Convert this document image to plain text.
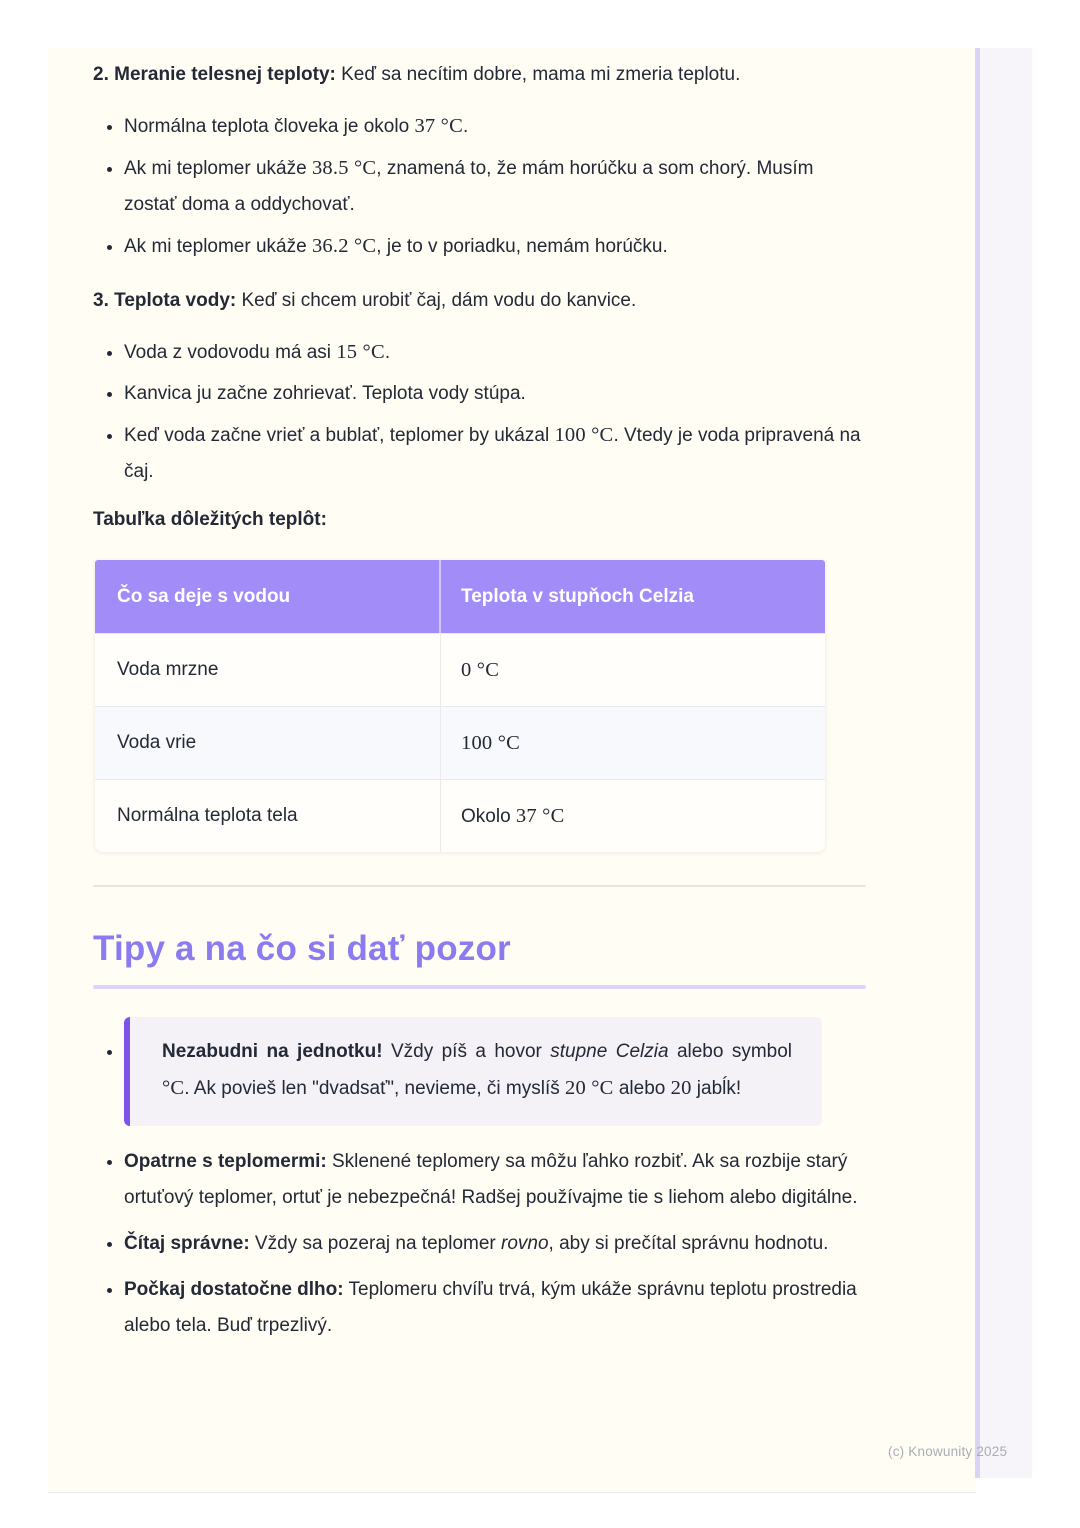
2. Meranie telesnej teploty: Keď sa necítim dobre, mama mi zmeria teplotu.

• Normálna teplota človeka je okolo 37 °C.
• Ak mi teplomer ukáže 38.5 °C, znamená to, že mám horúčku a som chorý. Musím zostať doma a oddychovať.
• Ak mi teplomer ukáže 36.2 °C, je to v poriadku, nemám horúčku.

3. Teplota vody: Keď si chcem urobiť čaj, dám vodu do kanvice.

• Voda z vodovodu má asi 15 °C.
• Kanvica ju začne zohrievať. Teplota vody stúpa.
• Keď voda začne vrieť a bublať, teplomer by ukázal 100 °C. Vtedy je voda pripravená na čaj.

Tabuľka dôležitých teplôt:

Čo sa deje s vodou	Teplota v stupňoch Celzia
Voda mrzne	0 °C
Voda vrie	100 °C
Normálna teplota tela	Okolo 37 °C
Tipy a na čo si dať pozor

• Nezabudni na jednotku! Vždy píš a hovor stupne Celzia alebo symbol °C. Ak povieš len "dvadsať", nevieme, či myslíš 20 °C alebo 20 jabĺk!

• Opatrne s teplomermi: Sklenené teplomery sa môžu ľahko rozbiť. Ak sa rozbije starý ortuťový teplomer, ortuť je nebezpečná! Radšej používajme tie s liehom alebo digitálne.
• Čítaj správne: Vždy sa pozeraj na teplomer rovno, aby si prečítal správnu hodnotu.
• Počkaj dostatočne dlho: Teplomeru chvíľu trvá, kým ukáže správnu teplotu prostredia alebo tela. Buď trpezlivý.
(c) Knowunity 2025
